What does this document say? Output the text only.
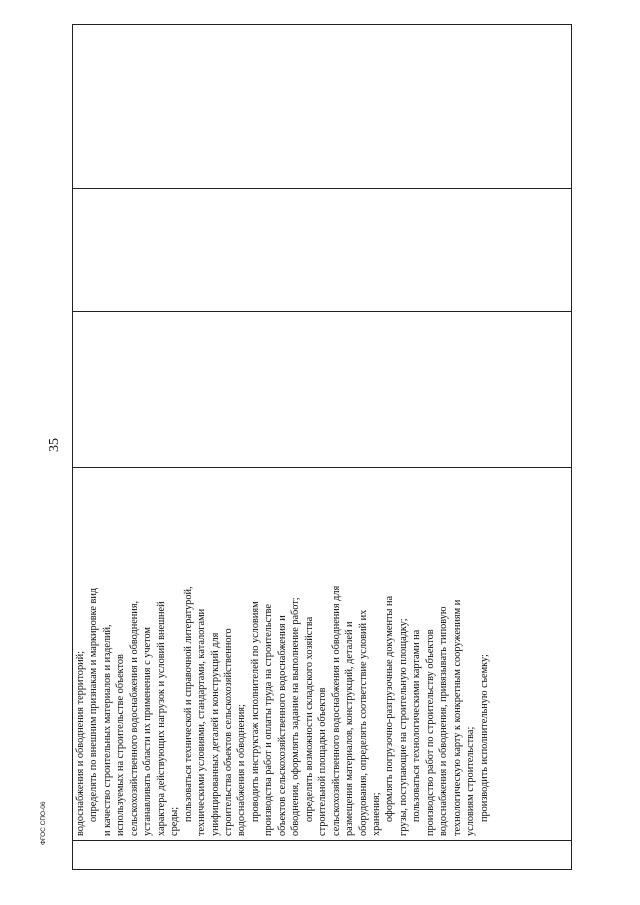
35

водоснабжения и обводнения территорий; определять по внешним признакам и маркировке вид и качество строительных материалов и изделий, используемых на строительстве объектов сельскохозяйственного водоснабжения и обводнения, устанавливать области их применения с учетом характера действующих нагрузок и условий внешней среды; пользоваться технической и справочной литературой, техническими условиями, стандартами, каталогами унифицированных деталей и конструкций для строительства объектов сельскохозяйственного водоснабжения и обводнения; проводить инструктаж исполнителей по условиям производства работ и оплаты труда на строительстве объектов сельскохозяйственного водоснабжения и обводнения, оформлять задание на выполнение работ; определять возможности складского хозяйства строительной площадки объектов сельскохозяйственного водоснабжения и обводнения для размещения материалов, конструкций, деталей и оборудования, определять соответствие условий их хранения; оформлять погрузочно-разгрузочные документы на грузы, поступающие на строительную площадку; пользоваться технологическими картами на производство работ по строительству объектов водоснабжения и обводнения, привязывать типовую технологическую карту к конкретным сооружениям и условиям строительства; производить исполнительную съемку;

ФГОС СПО-06
